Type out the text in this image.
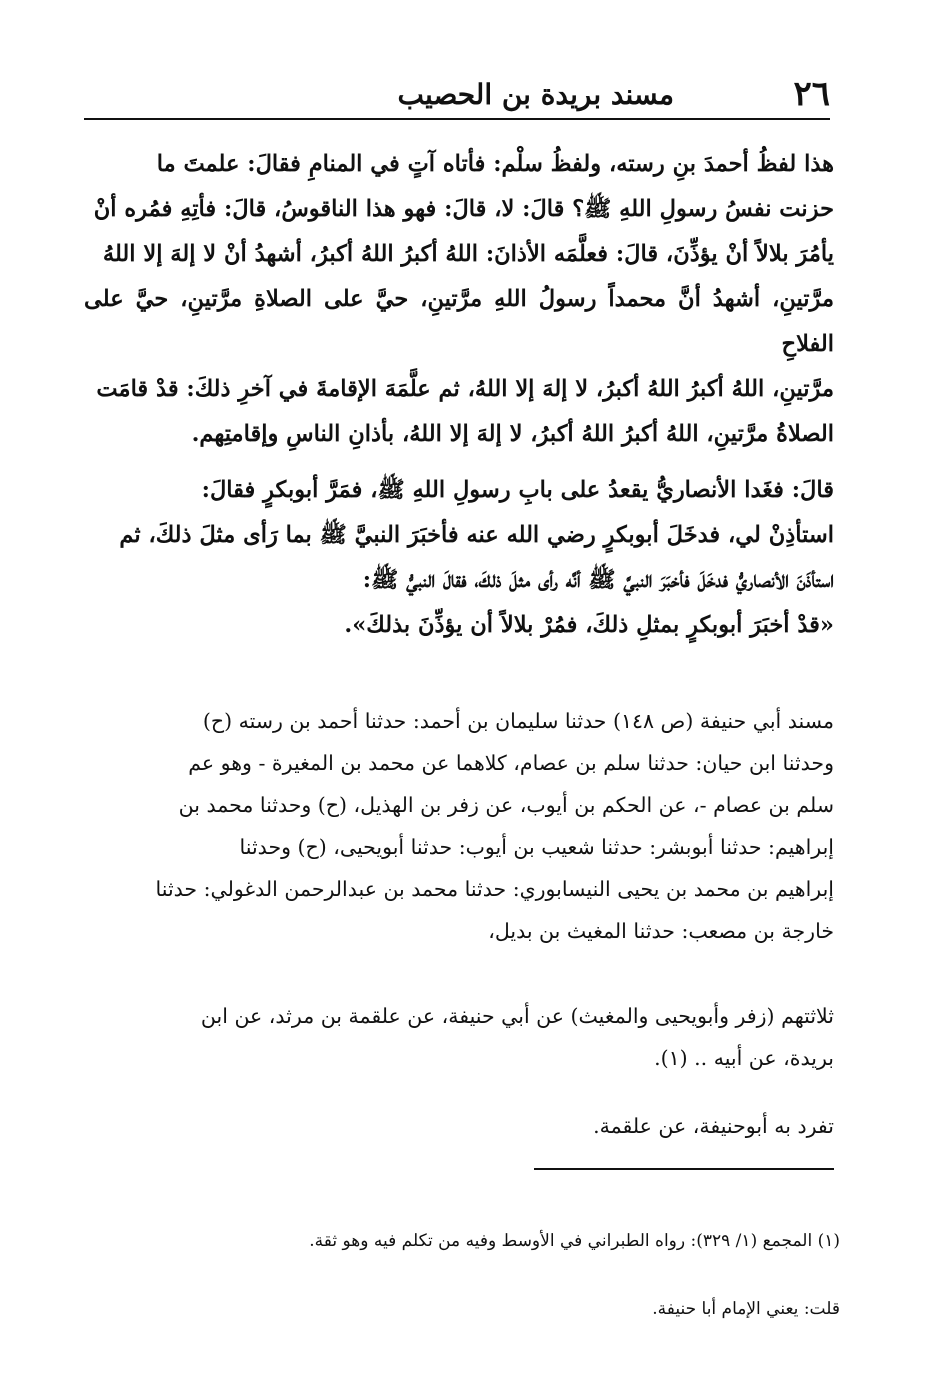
٢٦
مسند بريدة بن الحصيب
هذا لفظُ أحمدَ بنِ رسته، ولفظُ سلْم: فأتاه آتٍ في المنامِ فقالَ: علمتَ ما
حزنت نفسُ رسولِ اللهِ ﷺ؟ قالَ: لا، قالَ: فهو هذا الناقوسُ، قالَ: فأتِهِ فمُره أنْ
يأمُرَ بلالاً أنْ يؤذِّنَ، قالَ: فعلَّمَه الأذانَ: اللهُ أكبرُ اللهُ أكبرُ، أشهدُ أنْ لا إلهَ إلا اللهُ
مرَّتينِ، أشهدُ أنَّ محمداً رسولُ اللهِ مرَّتينِ، حيَّ على الصلاةِ مرَّتينِ، حيَّ على الفلاحِ
مرَّتينِ، اللهُ أكبرُ اللهُ أكبرُ، لا إلهَ إلا اللهُ، ثم علَّمَهَ الإقامةَ في آخرِ ذلكَ: قدْ قامَت
الصلاةُ مرَّتينِ، اللهُ أكبرُ اللهُ أكبرُ، لا إلهَ إلا اللهُ، بأذانِ الناسِ وإقامتِهم.
قالَ: فغَدا الأنصاريُّ يقعدُ على بابِ رسولِ اللهِ ﷺ، فمَرَّ أبوبكرٍ فقالَ:
استأذِنْ لي، فدخَلَ أبوبكرٍ رضي الله عنه فأخبَرَ النبيَّ ﷺ بما رَأى مثلَ ذلكَ، ثم
استأذَنَ الأنصاريُّ فدخَلَ فأخبَرَ النبيَّ ﷺ أنَّه رأى مثلَ ذلكَ، فقالَ النبيُّ ﷺ:
«قدْ أخبَرَ أبوبكرٍ بمثلِ ذلكَ، فمُرْ بلالاً أن يؤذِّنَ بذلكَ».
مسند أبي حنيفة (ص ١٤٨) حدثنا سليمان بن أحمد: حدثنا أحمد بن رسته (ح)
وحدثنا ابن حيان: حدثنا سلم بن عصام، كلاهما عن محمد بن المغيرة - وهو عم
سلم بن عصام -، عن الحكم بن أيوب، عن زفر بن الهذيل، (ح) وحدثنا محمد بن
إبراهيم: حدثنا أبوبشر: حدثنا شعيب بن أيوب: حدثنا أبويحيى، (ح) وحدثنا
إبراهيم بن محمد بن يحيى النيسابوري: حدثنا محمد بن عبدالرحمن الدغولي: حدثنا
خارجة بن مصعب: حدثنا المغيث بن بديل،
ثلاثتهم (زفر وأبويحيى والمغيث) عن أبي حنيفة، عن علقمة بن مرثد، عن ابن
بريدة، عن أبيه .. (١).
تفرد به أبوحنيفة، عن علقمة.

(١) المجمع (١/ ٣٢٩): رواه الطبراني في الأوسط وفيه من تكلم فيه وهو ثقة.

قلت: يعني الإمام أبا حنيفة.
